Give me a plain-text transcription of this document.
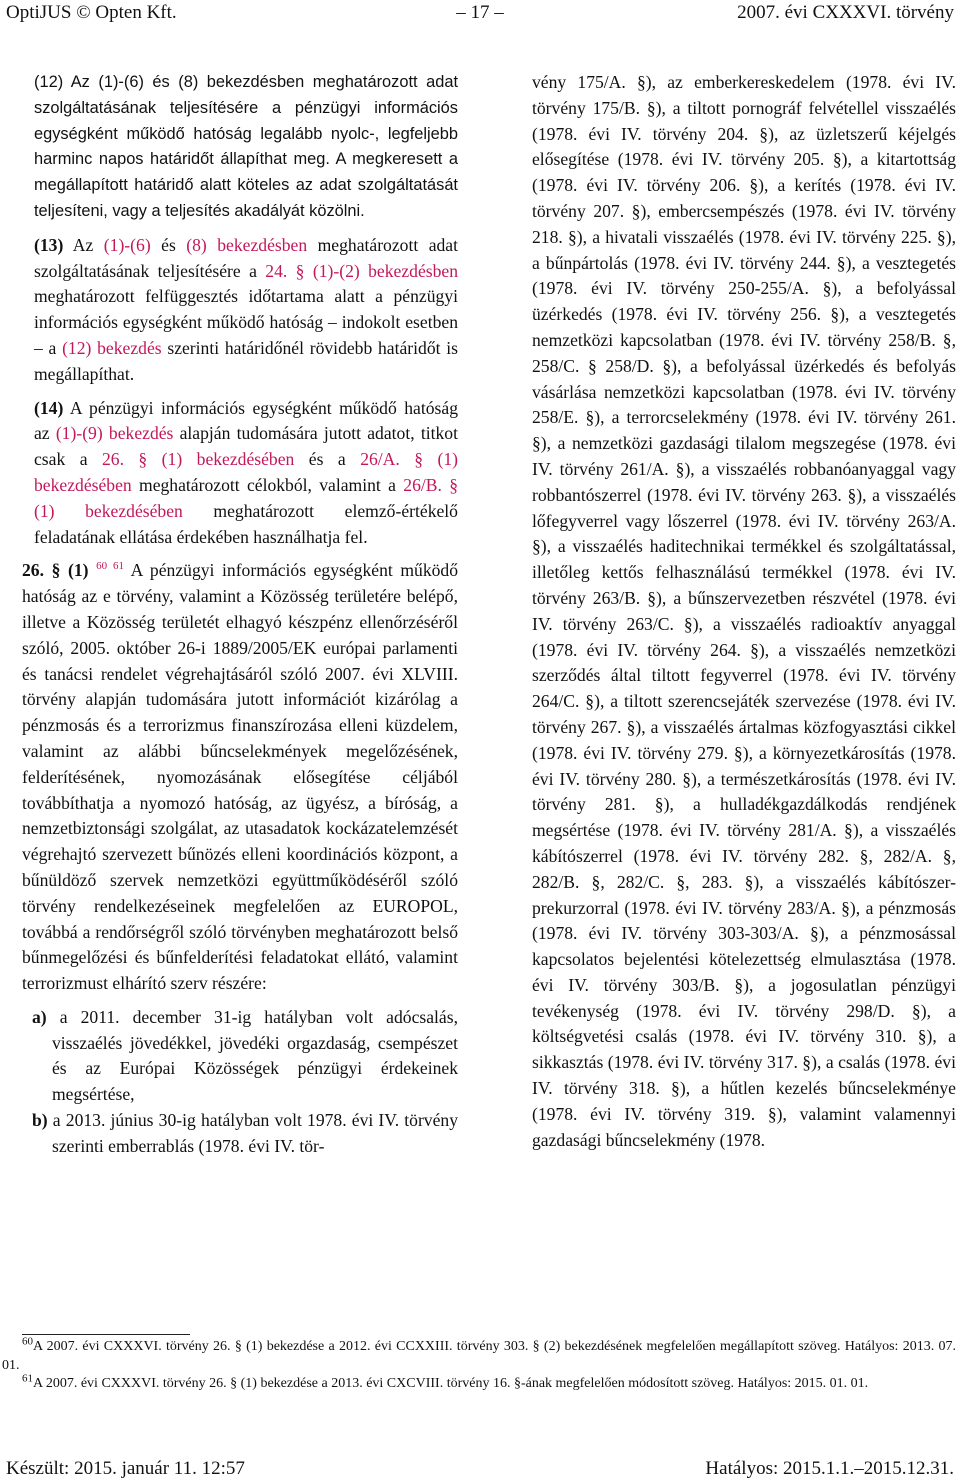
OptiJUS © Opten Kft.	– 17 –	2007. évi CXXXVI. törvény

(12) Az (1)-(6) és (8) bekezdésben meghatározott adat szolgáltatásának teljesítésére a pénzügyi információs egységként működő hatóság legalább nyolc-, legfeljebb harminc napos határidőt állapíthat meg. A megkeresett a megállapított határidő alatt köteles az adat szolgáltatását teljesíteni, vagy a teljesítés akadályát közölni.

(13) Az (1)-(6) és (8) bekezdésben meghatározott adat szolgáltatásának teljesítésére a 24. § (1)-(2) bekezdésben meghatározott felfüggesztés időtartama alatt a pénzügyi információs egységként működő hatóság – indokolt esetben – a (12) bekezdés szerinti határidőnél rövidebb határidőt is megállapíthat.

(14) A pénzügyi információs egységként működő hatóság az (1)-(9) bekezdés alapján tudomására jutott adatot, titkot csak a 26. § (1) bekezdésében és a 26/A. § (1) bekezdésében meghatározott célokból, valamint a 26/B. § (1) bekezdésében meghatározott elemző-értékelő feladatának ellátása érdekében használhatja fel.

26. § (1) $^{60 61}$ A pénzügyi információs egységként működő hatóság az e törvény, valamint a Közösség területére belépő, illetve a Közösség területét elhagyó készpénz ellenőrzéséről szóló, 2005. október 26-i 1889/2005/EK európai parlamenti és tanácsi rendelet végrehajtásáról szóló 2007. évi XLVIII. törvény alapján tudomására jutott információt kizárólag a pénzmosás és a terrorizmus finanszírozása elleni küzdelem, valamint az alábbi bűncselekmények megelőzésének, felderítésének, nyomozásának elősegítése céljából továbbíthatja a nyomozó hatóság, az ügyész, a bíróság, a nemzetbiztonsági szolgálat, az utasadatok kockázatelemzését végrehajtó szervezett bűnözés elleni koordinációs központ, a bűnüldöző szervek nemzetközi együttműködéséről szóló törvény rendelkezéseinek megfelelően az EUROPOL, továbbá a rendőrségről szóló törvényben meghatározott belső bűnmegelőzési és bűnfelderítési feladatokat ellátó, valamint terrorizmust elhárító szerv részére:

a) a 2011. december 31-ig hatályban volt adócsalás, visszaélés jövedékkel, jövedéki orgazdaság, csempészet és az Európai Közösségek pénzügyi érdekeinek megsértése,

b) a 2013. június 30-ig hatályban volt 1978. évi IV. törvény szerinti emberrablás (1978. évi IV. tör-

vény 175/A. §), az emberkereskedelem (1978. évi IV. törvény 175/B. §), a tiltott pornográf felvétellel visszaélés (1978. évi IV. törvény 204. §), az üzletszerű kéjelgés elősegítése (1978. évi IV. törvény 205. §), a kitartottság (1978. évi IV. törvény 206. §), a kerítés (1978. évi IV. törvény 207. §), embercsempészés (1978. évi IV. törvény 218. §), a hivatali visszaélés (1978. évi IV. törvény 225. §), a bűnpártolás (1978. évi IV. törvény 244. §), a vesztegetés (1978. évi IV. törvény 250-255/A. §), a befolyással üzérkedés (1978. évi IV. törvény 256. §), a vesztegetés nemzetközi kapcsolatban (1978. évi IV. törvény 258/B. §, 258/C. § 258/D. §), a befolyással üzérkedés és befolyás vásárlása nemzetközi kapcsolatban (1978. évi IV. törvény 258/E. §), a terrorcselekmény (1978. évi IV. törvény 261. §), a nemzetközi gazdasági tilalom megszegése (1978. évi IV. törvény 261/A. §), a visszaélés robbanóanyaggal vagy robbantószerrel (1978. évi IV. törvény 263. §), a visszaélés lőfegyverrel vagy lőszerrel (1978. évi IV. törvény 263/A. §), a visszaélés haditechnikai termékkel és szolgáltatással, illetőleg kettős felhasználású termékkel (1978. évi IV. törvény 263/B. §), a bűnszervezetben részvétel (1978. évi IV. törvény 263/C. §), a visszaélés radioaktív anyaggal (1978. évi IV. törvény 264. §), a visszaélés nemzetközi szerződés által tiltott fegyverrel (1978. évi IV. törvény 264/C. §), a tiltott szerencsejáték szervezése (1978. évi IV. törvény 267. §), a visszaélés ártalmas közfogyasztási cikkel (1978. évi IV. törvény 279. §), a környezetkárosítás (1978. évi IV. törvény 280. §), a természetkárosítás (1978. évi IV. törvény 281. §), a hulladékgazdálkodás rendjének megsértése (1978. évi IV. törvény 281/A. §), a visszaélés kábítószerrel (1978. évi IV. törvény 282. §, 282/A. §, 282/B. §, 282/C. §, 283. §), a visszaélés kábítószer-prekurzorral (1978. évi IV. törvény 283/A. §), a pénzmosás (1978. évi IV. törvény 303-303/A. §), a pénzmosással kapcsolatos bejelentési kötelezettség elmulasztása (1978. évi IV. törvény 303/B. §), a jogosulatlan pénzügyi tevékenység (1978. évi IV. törvény 298/D. §), a költségvetési csalás (1978. évi IV. törvény 310. §), a sikkasztás (1978. évi IV. törvény 317. §), a csalás (1978. évi IV. törvény 318. §), a hűtlen kezelés bűncselekménye (1978. évi IV. törvény 319. §), valamint valamennyi gazdasági bűncselekmény (1978.

$^{60}$A 2007. évi CXXXVI. törvény 26. § (1) bekezdése a 2012. évi CCXXIII. törvény 303. § (2) bekezdésének megfelelően megállapított szöveg. Hatályos: 2013. 07. 01.

$^{61}$A 2007. évi CXXXVI. törvény 26. § (1) bekezdése a 2013. évi CXCVIII. törvény 16. §-ának megfelelően módosított szöveg. Hatályos: 2015. 01. 01.

Készült: 2015. január 11. 12:57	Hatályos: 2015.1.1.–2015.12.31.
